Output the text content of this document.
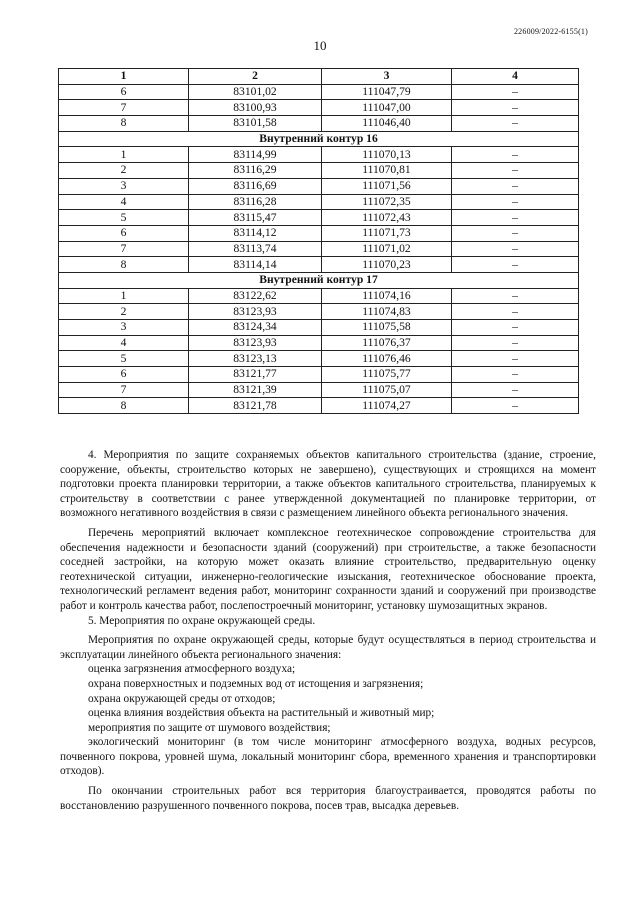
226009/2022-6155(1)
10
1	2	3	4
6	83101,02	111047,79	–
7	83100,93	111047,00	–
8	83101,58	111046,40	–
Внутренний контур 16			
1	83114,99	111070,13	–
2	83116,29	111070,81	–
3	83116,69	111071,56	–
4	83116,28	111072,35	–
5	83115,47	111072,43	–
6	83114,12	111071,73	–
7	83113,74	111071,02	–
8	83114,14	111070,23	–
Внутренний контур 17			
1	83122,62	111074,16	–
2	83123,93	111074,83	–
3	83124,34	111075,58	–
4	83123,93	111076,37	–
5	83123,13	111076,46	–
6	83121,77	111075,77	–
7	83121,39	111075,07	–
8	83121,78	111074,27	–

4. Мероприятия по защите сохраняемых объектов капитального строительства (здание, строение, сооружение, объекты, строительство которых не завершено), существующих и строящихся на момент подготовки проекта планировки территории, а также объектов капитального строительства, планируемых к строительству в соответствии с ранее утвержденной документацией по планировке территории, от возможного негативного воздействия в связи с размещением линейного объекта регионального значения.

Перечень мероприятий включает комплексное геотехническое сопровождение строительства для обеспечения надежности и безопасности зданий (сооружений) при строительстве, а также безопасности соседней застройки, на которую может оказать влияние строительство, предварительную оценку геотехнической ситуации, инженерно-геологические изыскания, геотехническое обоснование проекта, технологический регламент ведения работ, мониторинг сохранности зданий и сооружений при производстве работ и контроль качества работ, послепостроечный мониторинг, установку шумозащитных экранов.

5. Мероприятия по охране окружающей среды.

Мероприятия по охране окружающей среды, которые будут осуществляться в период строительства и эксплуатации линейного объекта регионального значения:

оценка загрязнения атмосферного воздуха;

охрана поверхностных и подземных вод от истощения и загрязнения;

охрана окружающей среды от отходов;

оценка влияния воздействия объекта на растительный и животный мир;

мероприятия по защите от шумового воздействия;

экологический мониторинг (в том числе мониторинг атмосферного воздуха, водных ресурсов, почвенного покрова, уровней шума, локальный мониторинг сбора, временного хранения и транспортировки отходов).

По окончании строительных работ вся территория благоустраивается, проводятся работы по восстановлению разрушенного почвенного покрова, посев трав, высадка деревьев.
